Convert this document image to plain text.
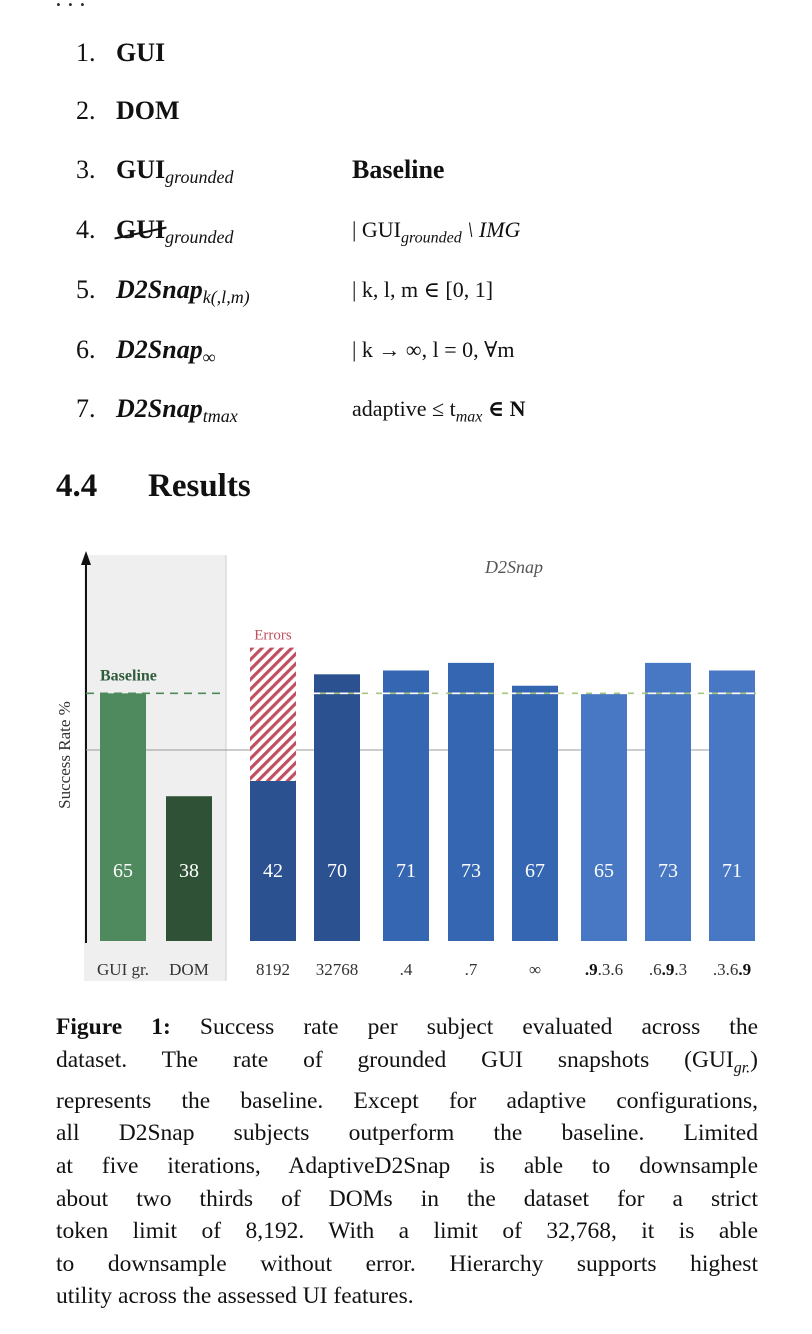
1. GUI
2. DOM
3. $GUI_{grounded}$	Baseline
4. $GUI_{grounded}$	| $GUI_{grounded}$ \ IMG
5. D2Snap$_{k(,l,m)}$	| k, l, m ∈ [0, 1]
6. D2Snap$_\infty$	| k → ∞, l = 0, ∀m
7. D2Snap$_{tmax}$	adaptive ≤ $t_{max}$ ∈ N
4.4 Results
Success Rate %
65 38	42 70 71 73 67 65 73 71
Errors
Baseline
D2Snap
GUI gr. DOM	8192 32768 .4	.7	∞	.9.3.6 .6.9.3 .3.6.9
Figure 1: Success rate per subject evaluated across the
dataset. The rate of grounded GUI snapshots $(GUI_{gr.})$
represents the baseline. Except for adaptive configurations,
all D2Snap subjects outperform the baseline. Limited
at five iterations, AdaptiveD2Snap is able to downsample
about two thirds of DOMs in the dataset for a strict
token limit of 8,192. With a limit of 32,768, it is able
to downsample without error. Hierarchy supports highest
utility across the assessed UI features.
